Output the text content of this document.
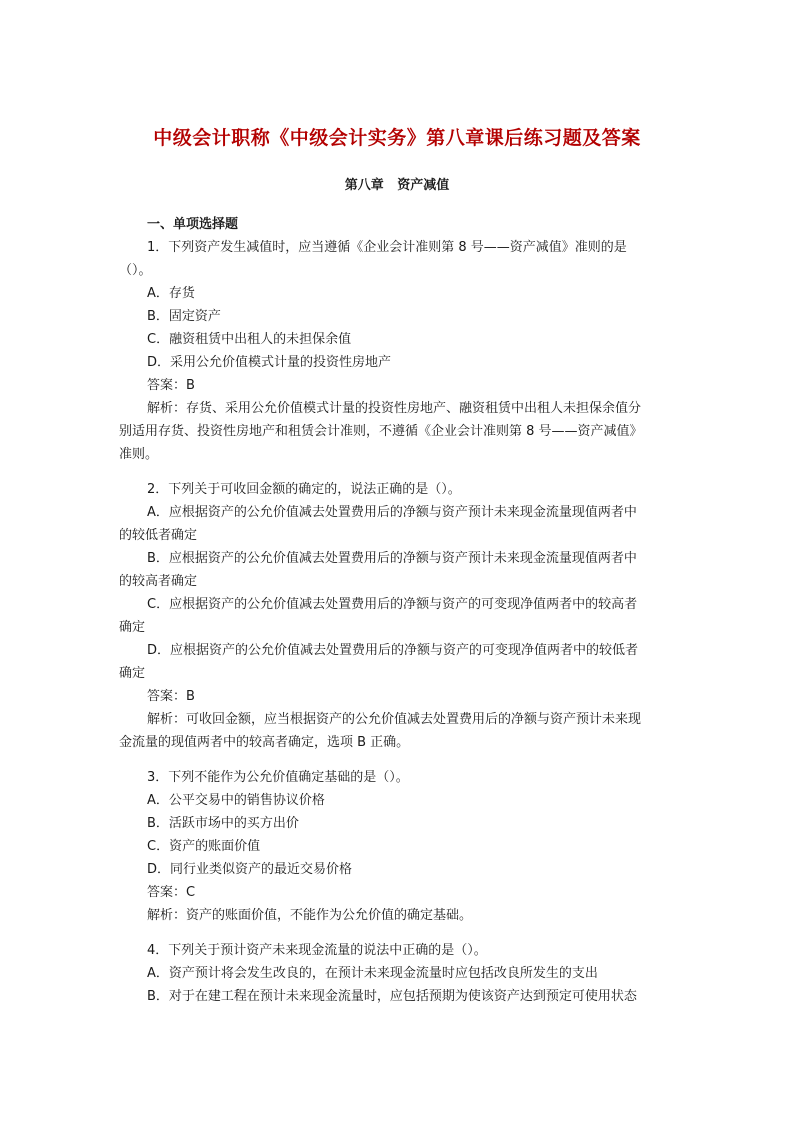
中级会计职称《中级会计实务》第八章课后练习题及答案
第八章   资产减值
一、单项选择题
1．下列资产发生减值时，应当遵循《企业会计准则第 8 号——资产减值》准则的是
（）。
A．存货
B．固定资产
C．融资租赁中出租人的未担保余值
D．采用公允价值模式计量的投资性房地产
答案：B
解析：存货、采用公允价值模式计量的投资性房地产、融资租赁中出租人未担保余值分
别适用存货、投资性房地产和租赁会计准则，不遵循《企业会计准则第 8 号——资产减值》
准则。
2．下列关于可收回金额的确定的，说法正确的是（）。
A．应根据资产的公允价值减去处置费用后的净额与资产预计未来现金流量现值两者中
的较低者确定
B．应根据资产的公允价值减去处置费用后的净额与资产预计未来现金流量现值两者中
的较高者确定
C．应根据资产的公允价值减去处置费用后的净额与资产的可变现净值两者中的较高者
确定
D．应根据资产的公允价值减去处置费用后的净额与资产的可变现净值两者中的较低者
确定
答案：B
解析：可收回金额，应当根据资产的公允价值减去处置费用后的净额与资产预计未来现
金流量的现值两者中的较高者确定，选项 B 正确。
3．下列不能作为公允价值确定基础的是（）。
A．公平交易中的销售协议价格
B．活跃市场中的买方出价
C．资产的账面价值
D．同行业类似资产的最近交易价格
答案：C
解析：资产的账面价值，不能作为公允价值的确定基础。
4．下列关于预计资产未来现金流量的说法中正确的是（）。
A．资产预计将会发生改良的，在预计未来现金流量时应包括改良所发生的支出
B．对于在建工程在预计未来现金流量时，应包括预期为使该资产达到预定可使用状态
